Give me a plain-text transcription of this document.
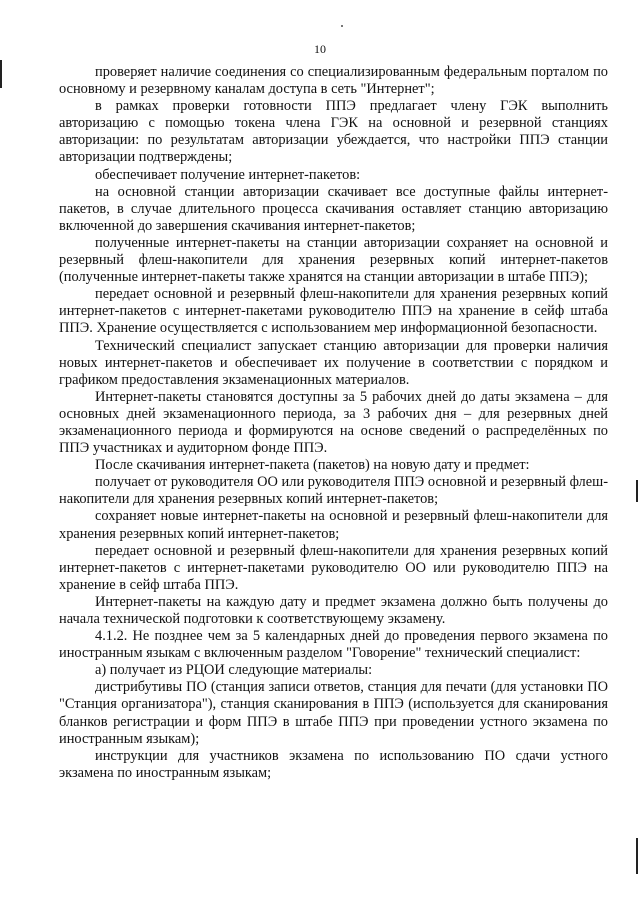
10

проверяет наличие соединения со специализированным федеральным порталом по основному и резервному каналам доступа в сеть "Интернет";

в рамках проверки готовности ППЭ предлагает члену ГЭК выполнить авторизацию с помощью токена члена ГЭК на основной и резервной станциях авторизации: по результатам авторизации убеждается, что настройки ППЭ станции авторизации подтверждены;

обеспечивает получение интернет-пакетов:

на основной станции авторизации скачивает все доступные файлы интернет-пакетов, в случае длительного процесса скачивания оставляет станцию авторизацию включенной до завершения скачивания интернет-пакетов;

полученные интернет-пакеты на станции авторизации сохраняет на основной и резервный флеш-накопители для хранения резервных копий интернет-пакетов (полученные интернет-пакеты также хранятся на станции авторизации в штабе ППЭ);

передает основной и резервный флеш-накопители для хранения резервных копий интернет-пакетов с интернет-пакетами руководителю ППЭ на хранение в сейф штаба ППЭ. Хранение осуществляется с использованием мер информационной безопасности.

Технический специалист запускает станцию авторизации для проверки наличия новых интернет-пакетов и обеспечивает их получение в соответствии с порядком и графиком предоставления экзаменационных материалов.

Интернет-пакеты становятся доступны за 5 рабочих дней до даты экзамена – для основных дней экзаменационного периода, за 3 рабочих дня – для резервных дней экзаменационного периода и формируются на основе сведений о распределённых по ППЭ участниках и аудиторном фонде ППЭ.

После скачивания интернет-пакета (пакетов) на новую дату и предмет:

получает от руководителя ОО или руководителя ППЭ основной и резервный флеш-накопители для хранения резервных копий интернет-пакетов;

сохраняет новые интернет-пакеты на основной и резервный флеш-накопители для хранения резервных копий интернет-пакетов;

передает основной и резервный флеш-накопители для хранения резервных копий интернет-пакетов с интернет-пакетами руководителю ОО или руководителю ППЭ на хранение в сейф штаба ППЭ.

Интернет-пакеты на каждую дату и предмет экзамена должно быть получены до начала технической подготовки к соответствующему экзамену.

4.1.2. Не позднее чем за 5 календарных дней до проведения первого экзамена по иностранным языкам с включенным разделом "Говорение" технический специалист:

а) получает из РЦОИ следующие материалы:

дистрибутивы ПО (станция записи ответов, станция для печати (для установки ПО "Станция организатора"), станция сканирования в ППЭ (используется для сканирования бланков регистрации и форм ППЭ в штабе ППЭ при проведении устного экзамена по иностранным языкам);

инструкции для участников экзамена по использованию ПО сдачи устного экзамена по иностранным языкам;
